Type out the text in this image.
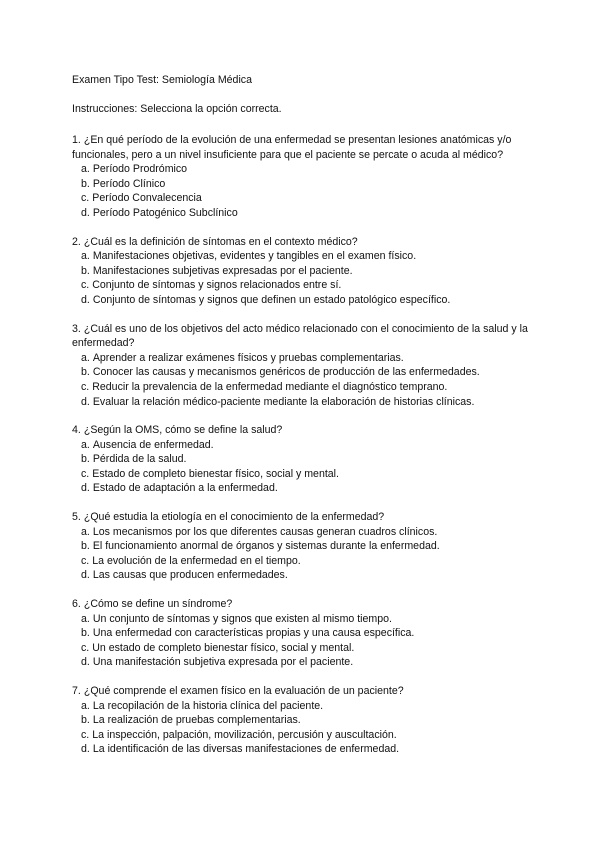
Examen Tipo Test: Semiología Médica

Instrucciones: Selecciona la opción correcta.

1. ¿En qué período de la evolución de una enfermedad se presentan lesiones anatómicas y/o funcionales, pero a un nivel insuficiente para que el paciente se percate o acuda al médico?

a. Período Prodrómico
b. Período Clínico
c. Período Convalecencia
d. Período Patogénico Subclínico

2. ¿Cuál es la definición de síntomas en el contexto médico?

a. Manifestaciones objetivas, evidentes y tangibles en el examen físico.
b. Manifestaciones subjetivas expresadas por el paciente.
c. Conjunto de síntomas y signos relacionados entre sí.
d. Conjunto de síntomas y signos que definen un estado patológico específico.

3. ¿Cuál es uno de los objetivos del acto médico relacionado con el conocimiento de la salud y la enfermedad?

a. Aprender a realizar exámenes físicos y pruebas complementarias.
b. Conocer las causas y mecanismos genéricos de producción de las enfermedades.
c. Reducir la prevalencia de la enfermedad mediante el diagnóstico temprano.
d. Evaluar la relación médico-paciente mediante la elaboración de historias clínicas.

4. ¿Según la OMS, cómo se define la salud?

a. Ausencia de enfermedad.
b. Pérdida de la salud.
c. Estado de completo bienestar físico, social y mental.
d. Estado de adaptación a la enfermedad.

5. ¿Qué estudia la etiología en el conocimiento de la enfermedad?

a. Los mecanismos por los que diferentes causas generan cuadros clínicos.
b. El funcionamiento anormal de órganos y sistemas durante la enfermedad.
c. La evolución de la enfermedad en el tiempo.
d. Las causas que producen enfermedades.

6. ¿Cómo se define un síndrome?

a. Un conjunto de síntomas y signos que existen al mismo tiempo.
b. Una enfermedad con características propias y una causa específica.
c. Un estado de completo bienestar físico, social y mental.
d. Una manifestación subjetiva expresada por el paciente.

7. ¿Qué comprende el examen físico en la evaluación de un paciente?

a. La recopilación de la historia clínica del paciente.
b. La realización de pruebas complementarias.
c. La inspección, palpación, movilización, percusión y auscultación.
d. La identificación de las diversas manifestaciones de enfermedad.
